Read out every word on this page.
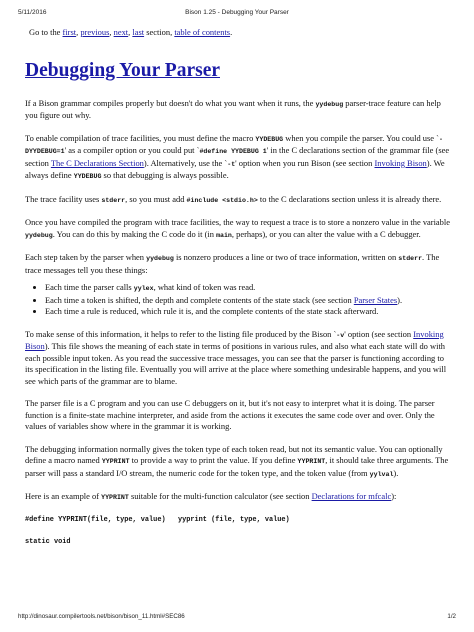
5/11/2016	Bison 1.25 - Debugging Your Parser
Go to the first, previous, next, last section, table of contents.
Debugging Your Parser

If a Bison grammar compiles properly but doesn't do what you want when it runs, the yydebug parser-trace feature can help you figure out why.

To enable compilation of trace facilities, you must define the macro YYDEBUG when you compile the parser. You could use `-DYYDEBUG=1' as a compiler option or you could put `#define YYDEBUG 1' in the C declarations section of the grammar file (see section The C Declarations Section). Alternatively, use the `-t' option when you run Bison (see section Invoking Bison). We always define YYDEBUG so that debugging is always possible.

The trace facility uses stderr, so you must add #include <stdio.h> to the C declarations section unless it is already there.

Once you have compiled the program with trace facilities, the way to request a trace is to store a nonzero value in the variable yydebug. You can do this by making the C code do it (in main, perhaps), or you can alter the value with a C debugger.

Each step taken by the parser when yydebug is nonzero produces a line or two of trace information, written on stderr. The trace messages tell you these things:

• Each time the parser calls yylex, what kind of token was read.
• Each time a token is shifted, the depth and complete contents of the state stack (see section Parser States).
• Each time a rule is reduced, which rule it is, and the complete contents of the state stack afterward.

To make sense of this information, it helps to refer to the listing file produced by the Bison `-v' option (see section Invoking Bison). This file shows the meaning of each state in terms of positions in various rules, and also what each state will do with each possible input token. As you read the successive trace messages, you can see that the parser is functioning according to its specification in the listing file. Eventually you will arrive at the place where something undesirable happens, and you will see which parts of the grammar are to blame.

The parser file is a C program and you can use C debuggers on it, but it's not easy to interpret what it is doing. The parser function is a finite-state machine interpreter, and aside from the actions it executes the same code over and over. Only the values of variables show where in the grammar it is working.

The debugging information normally gives the token type of each token read, but not its semantic value. You can optionally define a macro named YYPRINT to provide a way to print the value. If you define YYPRINT, it should take three arguments. The parser will pass a standard I/O stream, the numeric code for the token type, and the token value (from yylval).

Here is an example of YYPRINT suitable for the multi-function calculator (see section Declarations for mfcalc):

#define YYPRINT(file, type, value)   yyprint (file, type, value)
static void
http://dinosaur.compilertools.net/bison/bison_11.html#SEC86	1/2
